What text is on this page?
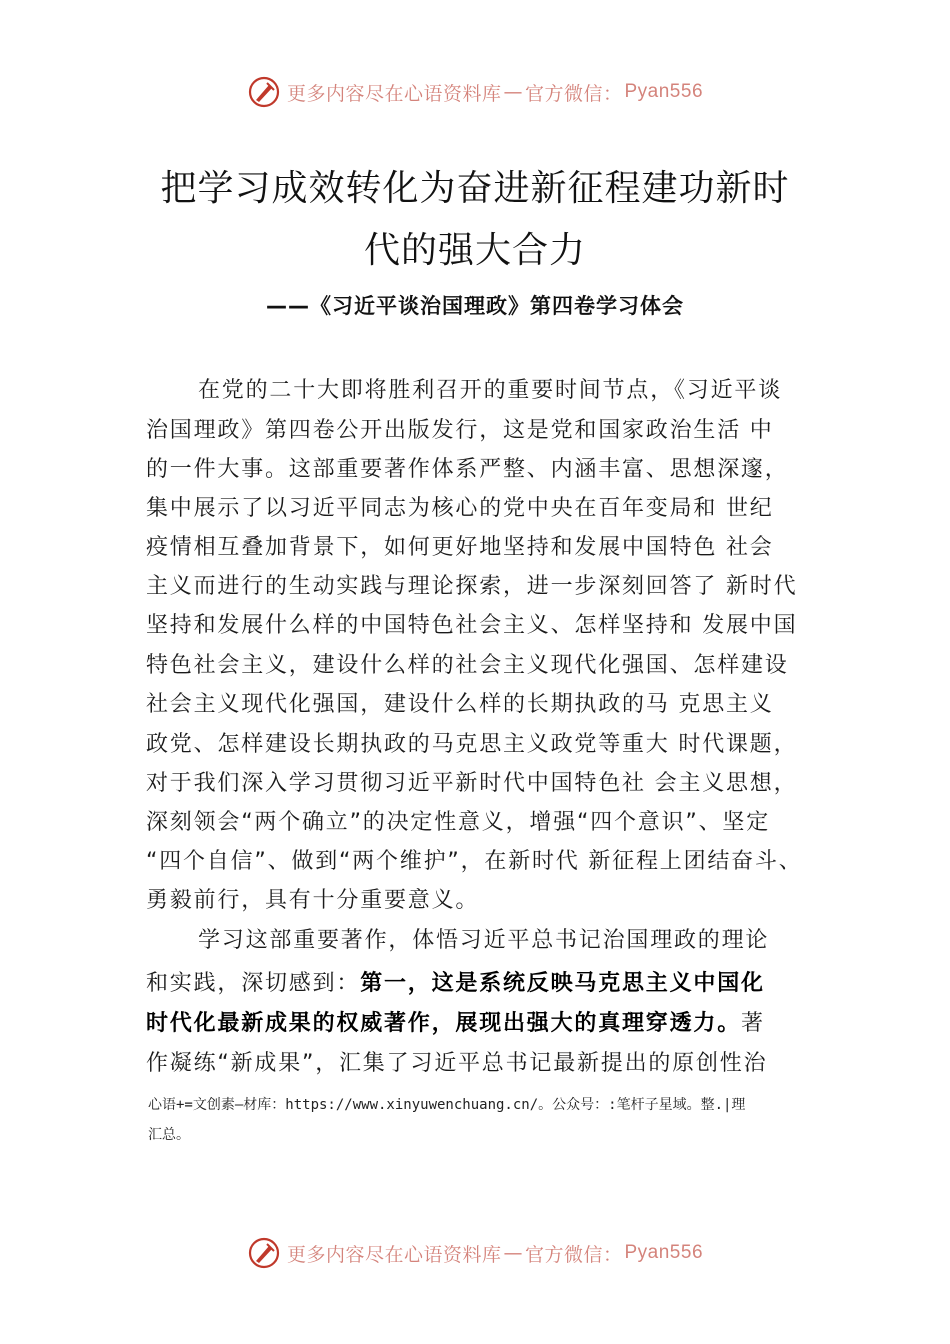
更多内容尽在心语资料库 — 官方微信： Pyan556
把学习成效转化为奋进新征程建功新时
代的强大合力
——《习近平谈治国理政》第四卷学习体会
在党的二十大即将胜利召开的重要时间节点，《习近平谈
治国理政》第四卷公开出版发行，这是党和国家政治生活 中
的一件大事。这部重要著作体系严整、内涵丰富、思想深邃，
集中展示了以习近平同志为核心的党中央在百年变局和 世纪
疫情相互叠加背景下，如何更好地坚持和发展中国特色 社会
主义而进行的生动实践与理论探索，进一步深刻回答了 新时代
坚持和发展什么样的中国特色社会主义、怎样坚持和 发展中国
特色社会主义，建设什么样的社会主义现代化强国、怎样建设
社会主义现代化强国，建设什么样的长期执政的马 克思主义
政党、怎样建设长期执政的马克思主义政党等重大 时代课题，
对于我们深入学习贯彻习近平新时代中国特色社 会主义思想，
深刻领会“两个确立”的决定性意义，增强“四个意识”、坚定
“四个自信”、做到“两个维护”，在新时代 新征程上团结奋斗、
勇毅前行，具有十分重要意义。
学习这部重要著作，体悟习近平总书记治国理政的理论
和实践，深切感到：第一，这是系统反映马克思主义中国化
时代化最新成果的权威著作，展现出强大的真理穿透力。著
作凝练“新成果”，汇集了习近平总书记最新提出的原创性治
心语+=文创素—材库：https://www.xinyuwenchuang.cn/。公众号：:笔杆子星域。整.|理
汇总。
更多内容尽在心语资料库 — 官方微信： Pyan556
